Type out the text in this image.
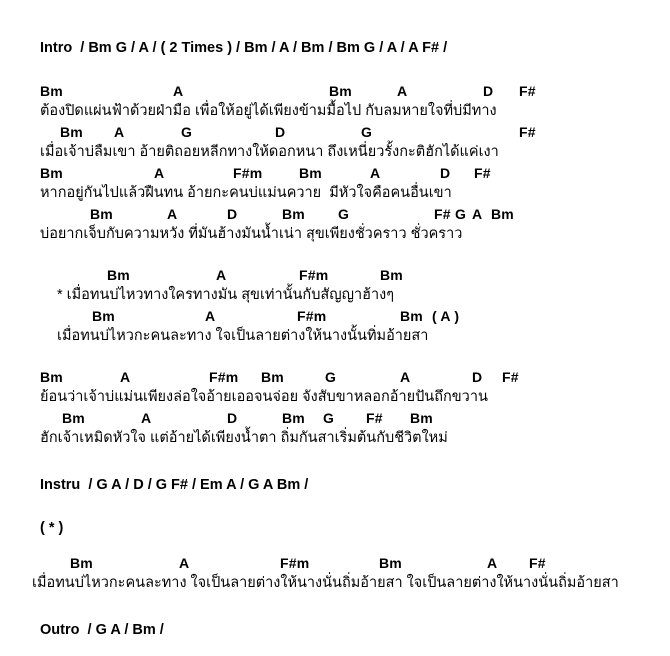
Intro / Bm G / A / ( 2 Times ) / Bm / A / Bm / Bm G / A / A F# /
Bm	A	Bm	A	D F#
ต้องปิดแผ่นฟ้าด้วยฝ่ามือ เพื่อให้อยู่ได้เพียงข้ามมื้อไป กับลมหายใจที่บ่มีทาง
Bm A	G	D	G	F#
เมื่อเจ้าบ่ลืมเขา อ้ายติถอยหลีกทางให้ดอกหนา ถึงเหนี่ยวรั้งกะติฮักได้แค่เงา
Bm	A	F#m	Bm	A	D F#
หากอยู่กันไปแล้วฝืนทน อ้ายกะคนบ่แม่นควาย  มีหัวใจคือคนอื่นเขา
Bm	A	D	Bm G	F# G A Bm
บ่อยากเจ็บกับความหวัง ที่มันฮ้างมันน้ำเน่า สุขเพียงชั่วคราว ชั่วคราว
Bm	A	F#m	Bm
* เมื่อทนบ่ไหวทางใครทางมัน สุขเท่านั้นกับสัญญาฮ้างๆ
Bm	A	F#m	Bm ( A )
เมื่อทนบ่ไหวกะคนละทาง ใจเป็นลายต่างให้นางนั้นทิ่มอ้ายสา
Bm	A	F#m Bm	G	A	D F#
ย้อนว่าเจ้าบ่แม่นเพียงล่อใจอ้ายเออจนจ่อย จังสับขาหลอกอ้ายปันถึกขวาน
Bm	A	D	Bm G F# Bm
ฮักเจ้าเหมิดหัวใจ แต่อ้ายได้เพียงน้ำตา ถิ่มกันสาเริ่มต้นกับชีวิตใหม่
Instru / G A / D / G F# / Em A / G A Bm /
( * )
Bm	A	F#m	Bm	A F#
เมื่อทนบ่ไหวกะคนละทาง ใจเป็นลายต่างให้นางนั่นถิ่มอ้ายสา ใจเป็นลายต่างให้นางนั่นถิ่มอ้ายสา
Outro / G A / Bm /
